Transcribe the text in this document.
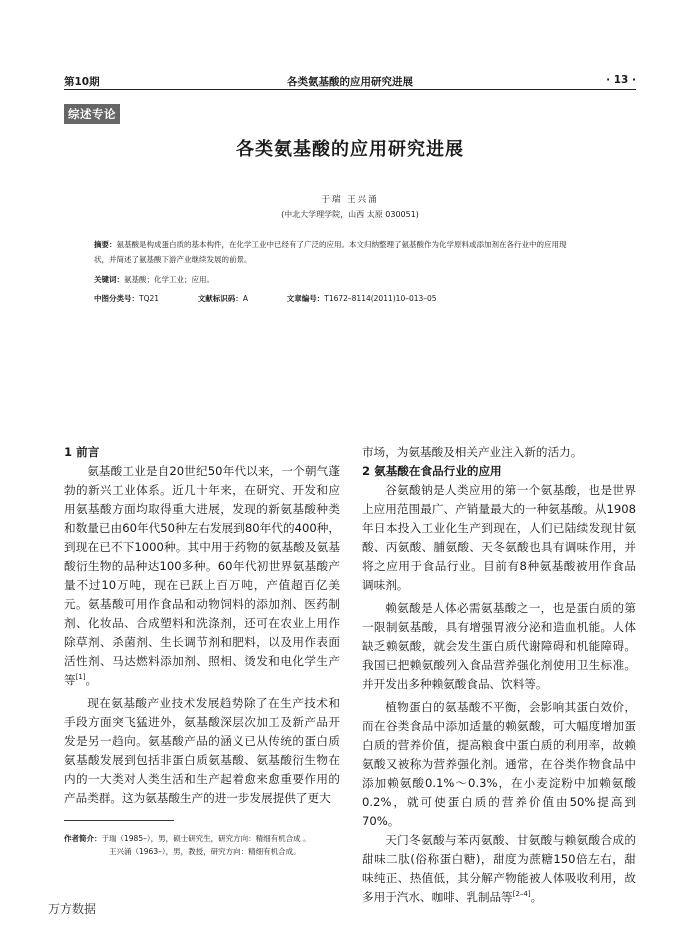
第10期	各类氨基酸的应用研究进展	· 13 ·
综述专论
各类氨基酸的应用研究进展
于瑞 王兴涌
(中北大学理学院，山西 太原 030051)
摘要：氨基酸是构成蛋白质的基本构件，在化学工业中已经有了广泛的应用。本文归纳整理了氨基酸作为化学原料或添加剂在各行业中的应用现
状，并简述了氨基酸下游产业继续发展的前景。
关键词：氨基酸；化学工业；应用。
中图分类号：TQ21	文献标识码：A	文章编号：T1672–8114(2011)10–013–05

1 前言

氨基酸工业是自20世纪50年代以来，一个朝气蓬勃的新兴工业体系。近几十年来，在研究、开发和应用氨基酸方面均取得重大进展，发现的新氨基酸种类和数量已由60年代50种左右发展到80年代的400种，到现在已不下1000种。其中用于药物的氨基酸及氨基酸衍生物的品种达100多种。60年代初世界氨基酸产量不过10万吨，现在已跃上百万吨，产值超百亿美元。氨基酸可用作食品和动物饲料的添加剂、医药制剂、化妆品、合成塑料和洗涤剂，还可在农业上用作除草剂、杀菌剂、生长调节剂和肥料，以及用作表面活性剂、马达燃料添加剂、照相、烫发和电化学生产等[1]。

现在氨基酸产业技术发展趋势除了在生产技术和手段方面突飞猛进外，氨基酸深层次加工及新产品开发是另一趋向。氨基酸产品的涵义已从传统的蛋白质氨基酸发展到包括非蛋白质氨基酸、氨基酸衍生物在内的一大类对人类生活和生产起着愈来愈重要作用的产品类群。这为氨基酸生产的进一步发展提供了更大

市场，为氨基酸及相关产业注入新的活力。

2 氨基酸在食品行业的应用

谷氨酸钠是人类应用的第一个氨基酸，也是世界上应用范围最广、产销量最大的一种氨基酸。从1908年日本投入工业化生产到现在，人们已陆续发现甘氨酸、丙氨酸、脯氨酸、天冬氨酸也具有调味作用，并将之应用于食品行业。目前有8种氨基酸被用作食品调味剂。

赖氨酸是人体必需氨基酸之一，也是蛋白质的第一限制氨基酸，具有增强胃液分泌和造血机能。人体缺乏赖氨酸，就会发生蛋白质代谢障碍和机能障碍。我国已把赖氨酸列入食品营养强化剂使用卫生标准。并开发出多种赖氨酸食品、饮料等。

植物蛋白的氨基酸不平衡，会影响其蛋白效价，而在谷类食品中添加适量的赖氨酸，可大幅度增加蛋白质的营养价值，提高粮食中蛋白质的利用率，故赖氨酸又被称为营养强化剂。通常，在谷类作物食品中添加赖氨酸0.1%～0.3%，在小麦淀粉中加赖氨酸0.2%，就可使蛋白质的营养价值由50%提高到70%。

天门冬氨酸与苯丙氨酸、甘氨酸与赖氨酸合成的甜味二肽(俗称蛋白糖)，甜度为蔗糖150倍左右，甜味纯正、热值低，其分解产物能被人体吸收利用，故多用于汽水、咖啡、乳制品等[2–4]。

作者简介：于瑞（1985–），男，硕士研究生，研究方向：精细有机合成 。
王兴涌（1963–），男，教授，研究方向：精细有机合成。
万方数据
